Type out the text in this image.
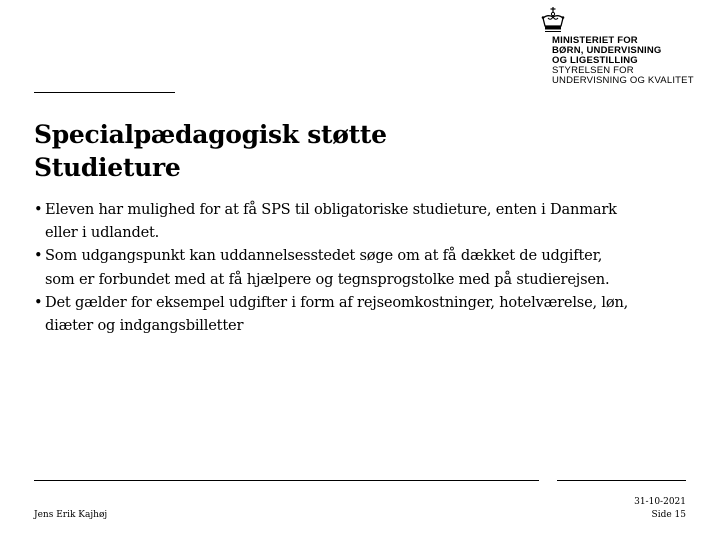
MINISTERIET FOR
BØRN, UNDERVISNING
OG LIGESTILLING
STYRELSEN FOR
UNDERVISNING OG KVALITET
Specialpædagogisk støtte
Studieture
• Eleven har mulighed for at få SPS til obligatoriske studieture, enten i Danmark
eller i udlandet.
• Som udgangspunkt kan uddannelsesstedet søge om at få dækket de udgifter,
som er forbundet med at få hjælpere og tegnsprogstolke med på studierejsen.
• Det gælder for eksempel udgifter i form af rejseomkostninger, hotelværelse, løn,
diæter og indgangsbilletter
Jens Erik Kajhøj
31-10-2021
Side 15
